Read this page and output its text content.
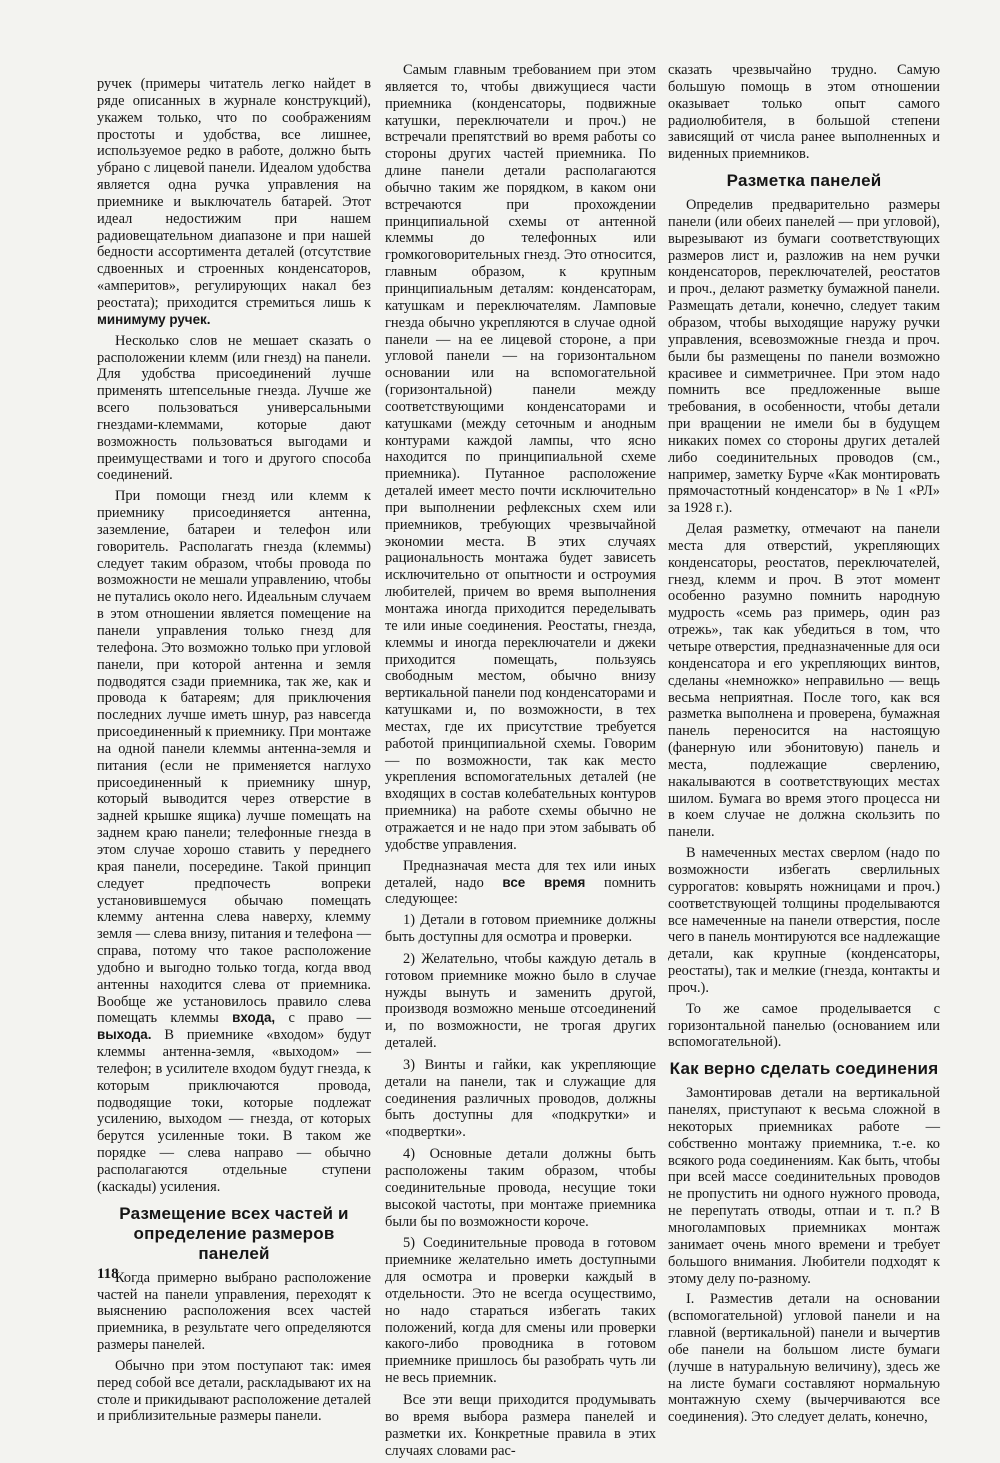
ручек (примеры читатель легко найдет в ряде описанных в журнале конструкций), укажем только, что по соображениям простоты и удобства, все лишнее, используемое редко в работе, должно быть убрано с лицевой панели. Идеалом удобства является одна ручка управления на приемнике и выключатель батарей. Этот идеал недостижим при нашем радиовещательном диапазоне и при нашей бедности ассортимента деталей (отсутствие сдвоенных и строенных конденсаторов, «амперитов», регулирующих накал без реостата); приходится стремиться лишь к минимуму ручек.

Несколько слов не мешает сказать о расположении клемм (или гнезд) на панели. Для удобства присоединений лучше применять штепсельные гнезда. Лучше же всего пользоваться универсальными гнездами-клеммами, которые дают возможность пользоваться выгодами и преимуществами и того и другого способа соединений.

При помощи гнезд или клемм к приемнику присоединяется антенна, заземление, батареи и телефон или говоритель. Располагать гнезда (клеммы) следует таким образом, чтобы провода по возможности не мешали управлению, чтобы не путались около него. Идеальным случаем в этом отношении является помещение на панели управления только гнезд для телефона. Это возможно только при угловой панели, при которой антенна и земля подводятся сзади приемника, так же, как и провода к батареям; для приключения последних лучше иметь шнур, раз навсегда присоединенный к приемнику. При монтаже на одной панели клеммы антенна-земля и питания (если не применяется наглухо присоединенный к приемнику шнур, который выводится через отверстие в задней крышке ящика) лучше помещать на заднем краю панели; телефонные гнезда в этом случае хорошо ставить у переднего края панели, посередине. Такой принцип следует предпочесть вопреки установившемуся обычаю помещать клемму антенна слева наверху, клемму земля — слева внизу, питания и телефона — справа, потому что такое расположение удобно и выгодно только тогда, когда ввод антенны находится слева от приемника. Вообще же установилось правило слева помещать клеммы входа, с право — выхода. В приемнике «входом» будут клеммы антенна-земля, «выходом» — телефон; в усилителе входом будут гнезда, к которым приключаются провода, подводящие токи, которые подлежат усилению, выходом — гнезда, от которых берутся усиленные токи. В таком же порядке — слева направо — обычно располагаются отдельные ступени (каскады) усиления.

Размещение всех частей и определение размеров панелей

Когда примерно выбрано расположение частей на панели управления, переходят к выяснению расположения всех частей приемника, в результате чего определяются размеры панелей.

Обычно при этом поступают так: имея перед собой все детали, раскладывают их на столе и прикидывают расположение деталей и приблизительные размеры панели.

Самым главным требованием при этом является то, чтобы движущиеся части приемника (конденсаторы, подвижные катушки, переключатели и проч.) не встречали препятствий во время работы со стороны других частей приемника. По длине панели детали располагаются обычно таким же порядком, в каком они встречаются при прохождении принципиальной схемы от антенной клеммы до телефонных или громкоговорительных гнезд. Это относится, главным образом, к крупным принципиальным деталям: конденсаторам, катушкам и переключателям. Ламповые гнезда обычно укрепляются в случае одной панели — на ее лицевой стороне, а при угловой панели — на горизонтальном основании или на вспомогательной (горизонтальной) панели между соответствующими конденсаторами и катушками (между сеточным и анодным контурами каждой лампы, что ясно находится по принципиальной схеме приемника). Путанное расположение деталей имеет место почти исключительно при выполнении рефлексных схем или приемников, требующих чрезвычайной экономии места. В этих случаях рациональность монтажа будет зависеть исключительно от опытности и остроумия любителей, причем во время выполнения монтажа иногда приходится переделывать те или иные соединения. Реостаты, гнезда, клеммы и иногда переключатели и джеки приходится помещать, пользуясь свободным местом, обычно внизу вертикальной панели под конденсаторами и катушками и, по возможности, в тех местах, где их присутствие требуется работой принципиальной схемы. Говорим — по возможности, так как место укрепления вспомогательных деталей (не входящих в состав колебательных контуров приемника) на работе схемы обычно не отражается и не надо при этом забывать об удобстве управления.

Предназначая места для тех или иных деталей, надо все время помнить следующее:

1) Детали в готовом приемнике должны быть доступны для осмотра и проверки.

2) Желательно, чтобы каждую деталь в готовом приемнике можно было в случае нужды вынуть и заменить другой, производя возможно меньше отсоединений и, по возможности, не трогая других деталей.

3) Винты и гайки, как укрепляющие детали на панели, так и служащие для соединения различных проводов, должны быть доступны для «подкрутки» и «подвертки».

4) Основные детали должны быть расположены таким образом, чтобы соединительные провода, несущие токи высокой частоты, при монтаже приемника были бы по возможности короче.

5) Соединительные провода в готовом приемнике желательно иметь доступными для осмотра и проверки каждый в отдельности. Это не всегда осуществимо, но надо стараться избегать таких положений, когда для смены или проверки какого-либо проводника в готовом приемнике пришлось бы разобрать чуть ли не весь приемник.

Все эти вещи приходится продумывать во время выбора размера панелей и разметки их. Конкретные правила в этих случаях словами рас-

сказать чрезвычайно трудно. Самую большую помощь в этом отношении оказывает только опыт самого радиолюбителя, в большой степени зависящий от числа ранее выполненных и виденных приемников.

Разметка панелей

Определив предварительно размеры панели (или обеих панелей — при угловой), вырезывают из бумаги соответствующих размеров лист и, разложив на нем ручки конденсаторов, переключателей, реостатов и проч., делают разметку бумажной панели. Размещать детали, конечно, следует таким образом, чтобы выходящие наружу ручки управления, всевозможные гнезда и проч. были бы размещены по панели возможно красивее и симметричнее. При этом надо помнить все предложенные выше требования, в особенности, чтобы детали при вращении не имели бы в будущем никаких помех со стороны других деталей либо соединительных проводов (см., например, заметку Бурче «Как монтировать прямочастотный конденсатор» в № 1 «РЛ» за 1928 г.).

Делая разметку, отмечают на панели места для отверстий, укрепляющих конденсаторы, реостатов, переключателей, гнезд, клемм и проч. В этот момент особенно разумно помнить народную мудрость «семь раз примерь, один раз отрежь», так как убедиться в том, что четыре отверстия, предназначенные для оси конденсатора и его укрепляющих винтов, сделаны «немножко» неправильно — вещь весьма неприятная. После того, как вся разметка выполнена и проверена, бумажная панель переносится на настоящую (фанерную или эбонитовую) панель и места, подлежащие сверлению, накалываются в соответствующих местах шилом. Бумага во время этого процесса ни в коем случае не должна скользить по панели.

В намеченных местах сверлом (надо по возможности избегать сверлильных суррогатов: ковырять ножницами и проч.) соответствующей толщины проделываются все намеченные на панели отверстия, после чего в панель монтируются все надлежащие детали, как крупные (конденсаторы, реостаты), так и мелкие (гнезда, контакты и проч.).

То же самое проделывается с горизонтальной панелью (основанием или вспомогательной).

Как верно сделать соединения

Замонтировав детали на вертикальной панелях, приступают к весьма сложной в некоторых приемниках работе — собственно монтажу приемника, т.-е. ко всякого рода соединениям. Как быть, чтобы при всей массе соединительных проводов не пропустить ни одного нужного провода, не перепутать отводы, отпаи и т. п.? В многоламповых приемниках монтаж занимает очень много времени и требует большого внимания. Любители подходят к этому делу по-разному.

I. Разместив детали на основании (вспомогательной) угловой панели и на главной (вертикальной) панели и вычертив обе панели на большом листе бумаги (лучше в натуральную величину), здесь же на листе бумаги составляют нормальную монтажную схему (вычерчиваются все соединения). Это следует делать, конечно,

118
